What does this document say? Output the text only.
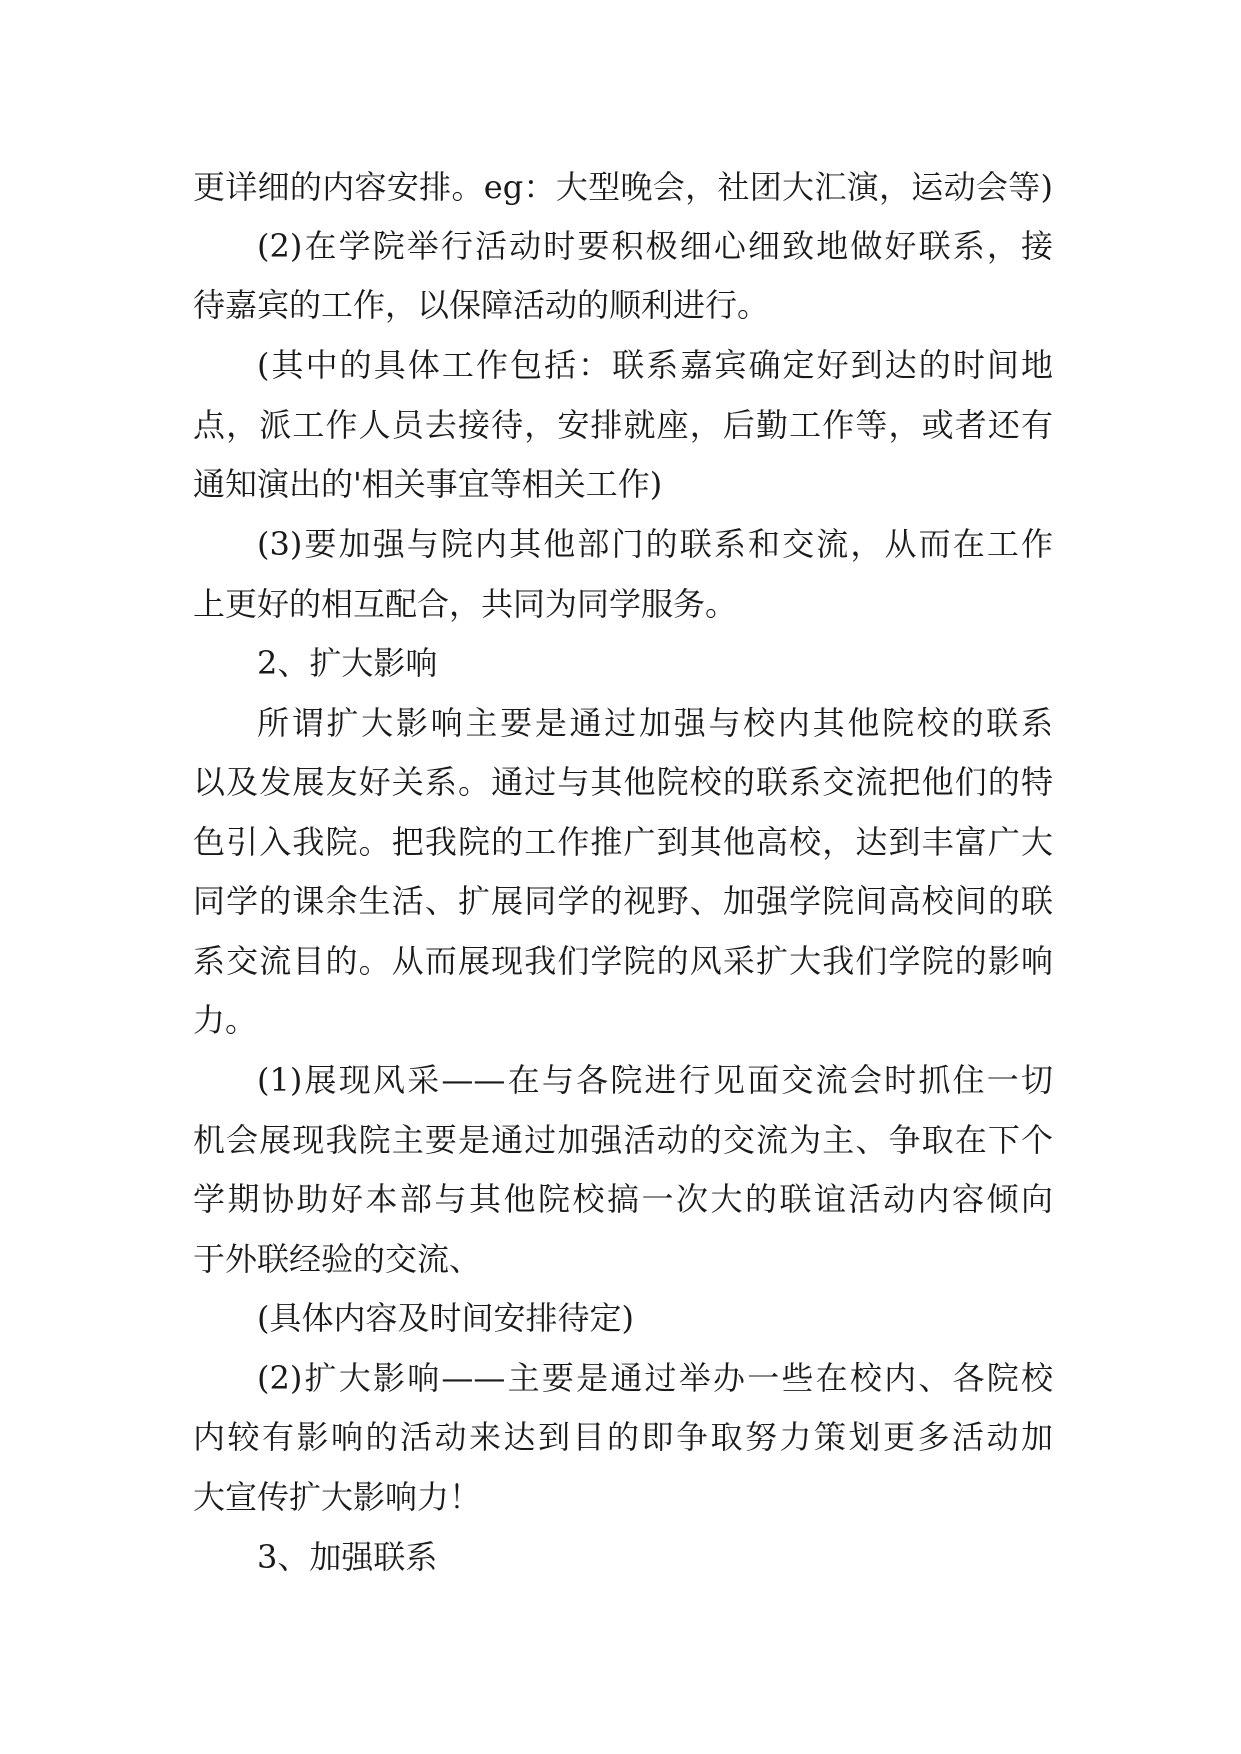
更详细的内容安排。eg：大型晚会，社团大汇演，运动会等)
(2)在学院举行活动时要积极细心细致地做好联系，接
待嘉宾的工作，以保障活动的顺利进行。
(其中的具体工作包括：联系嘉宾确定好到达的时间地
点，派工作人员去接待，安排就座，后勤工作等，或者还有
通知演出的'相关事宜等相关工作)
(3)要加强与院内其他部门的联系和交流，从而在工作
上更好的相互配合，共同为同学服务。
2、扩大影响
所谓扩大影响主要是通过加强与校内其他院校的联系
以及发展友好关系。通过与其他院校的联系交流把他们的特
色引入我院。把我院的工作推广到其他高校，达到丰富广大
同学的课余生活、扩展同学的视野、加强学院间高校间的联
系交流目的。从而展现我们学院的风采扩大我们学院的影响
力。
(1)展现风采——在与各院进行见面交流会时抓住一切
机会展现我院主要是通过加强活动的交流为主、争取在下个
学期协助好本部与其他院校搞一次大的联谊活动内容倾向
于外联经验的交流、
(具体内容及时间安排待定)
(2)扩大影响——主要是通过举办一些在校内、各院校
内较有影响的活动来达到目的即争取努力策划更多活动加
大宣传扩大影响力！
3、加强联系
